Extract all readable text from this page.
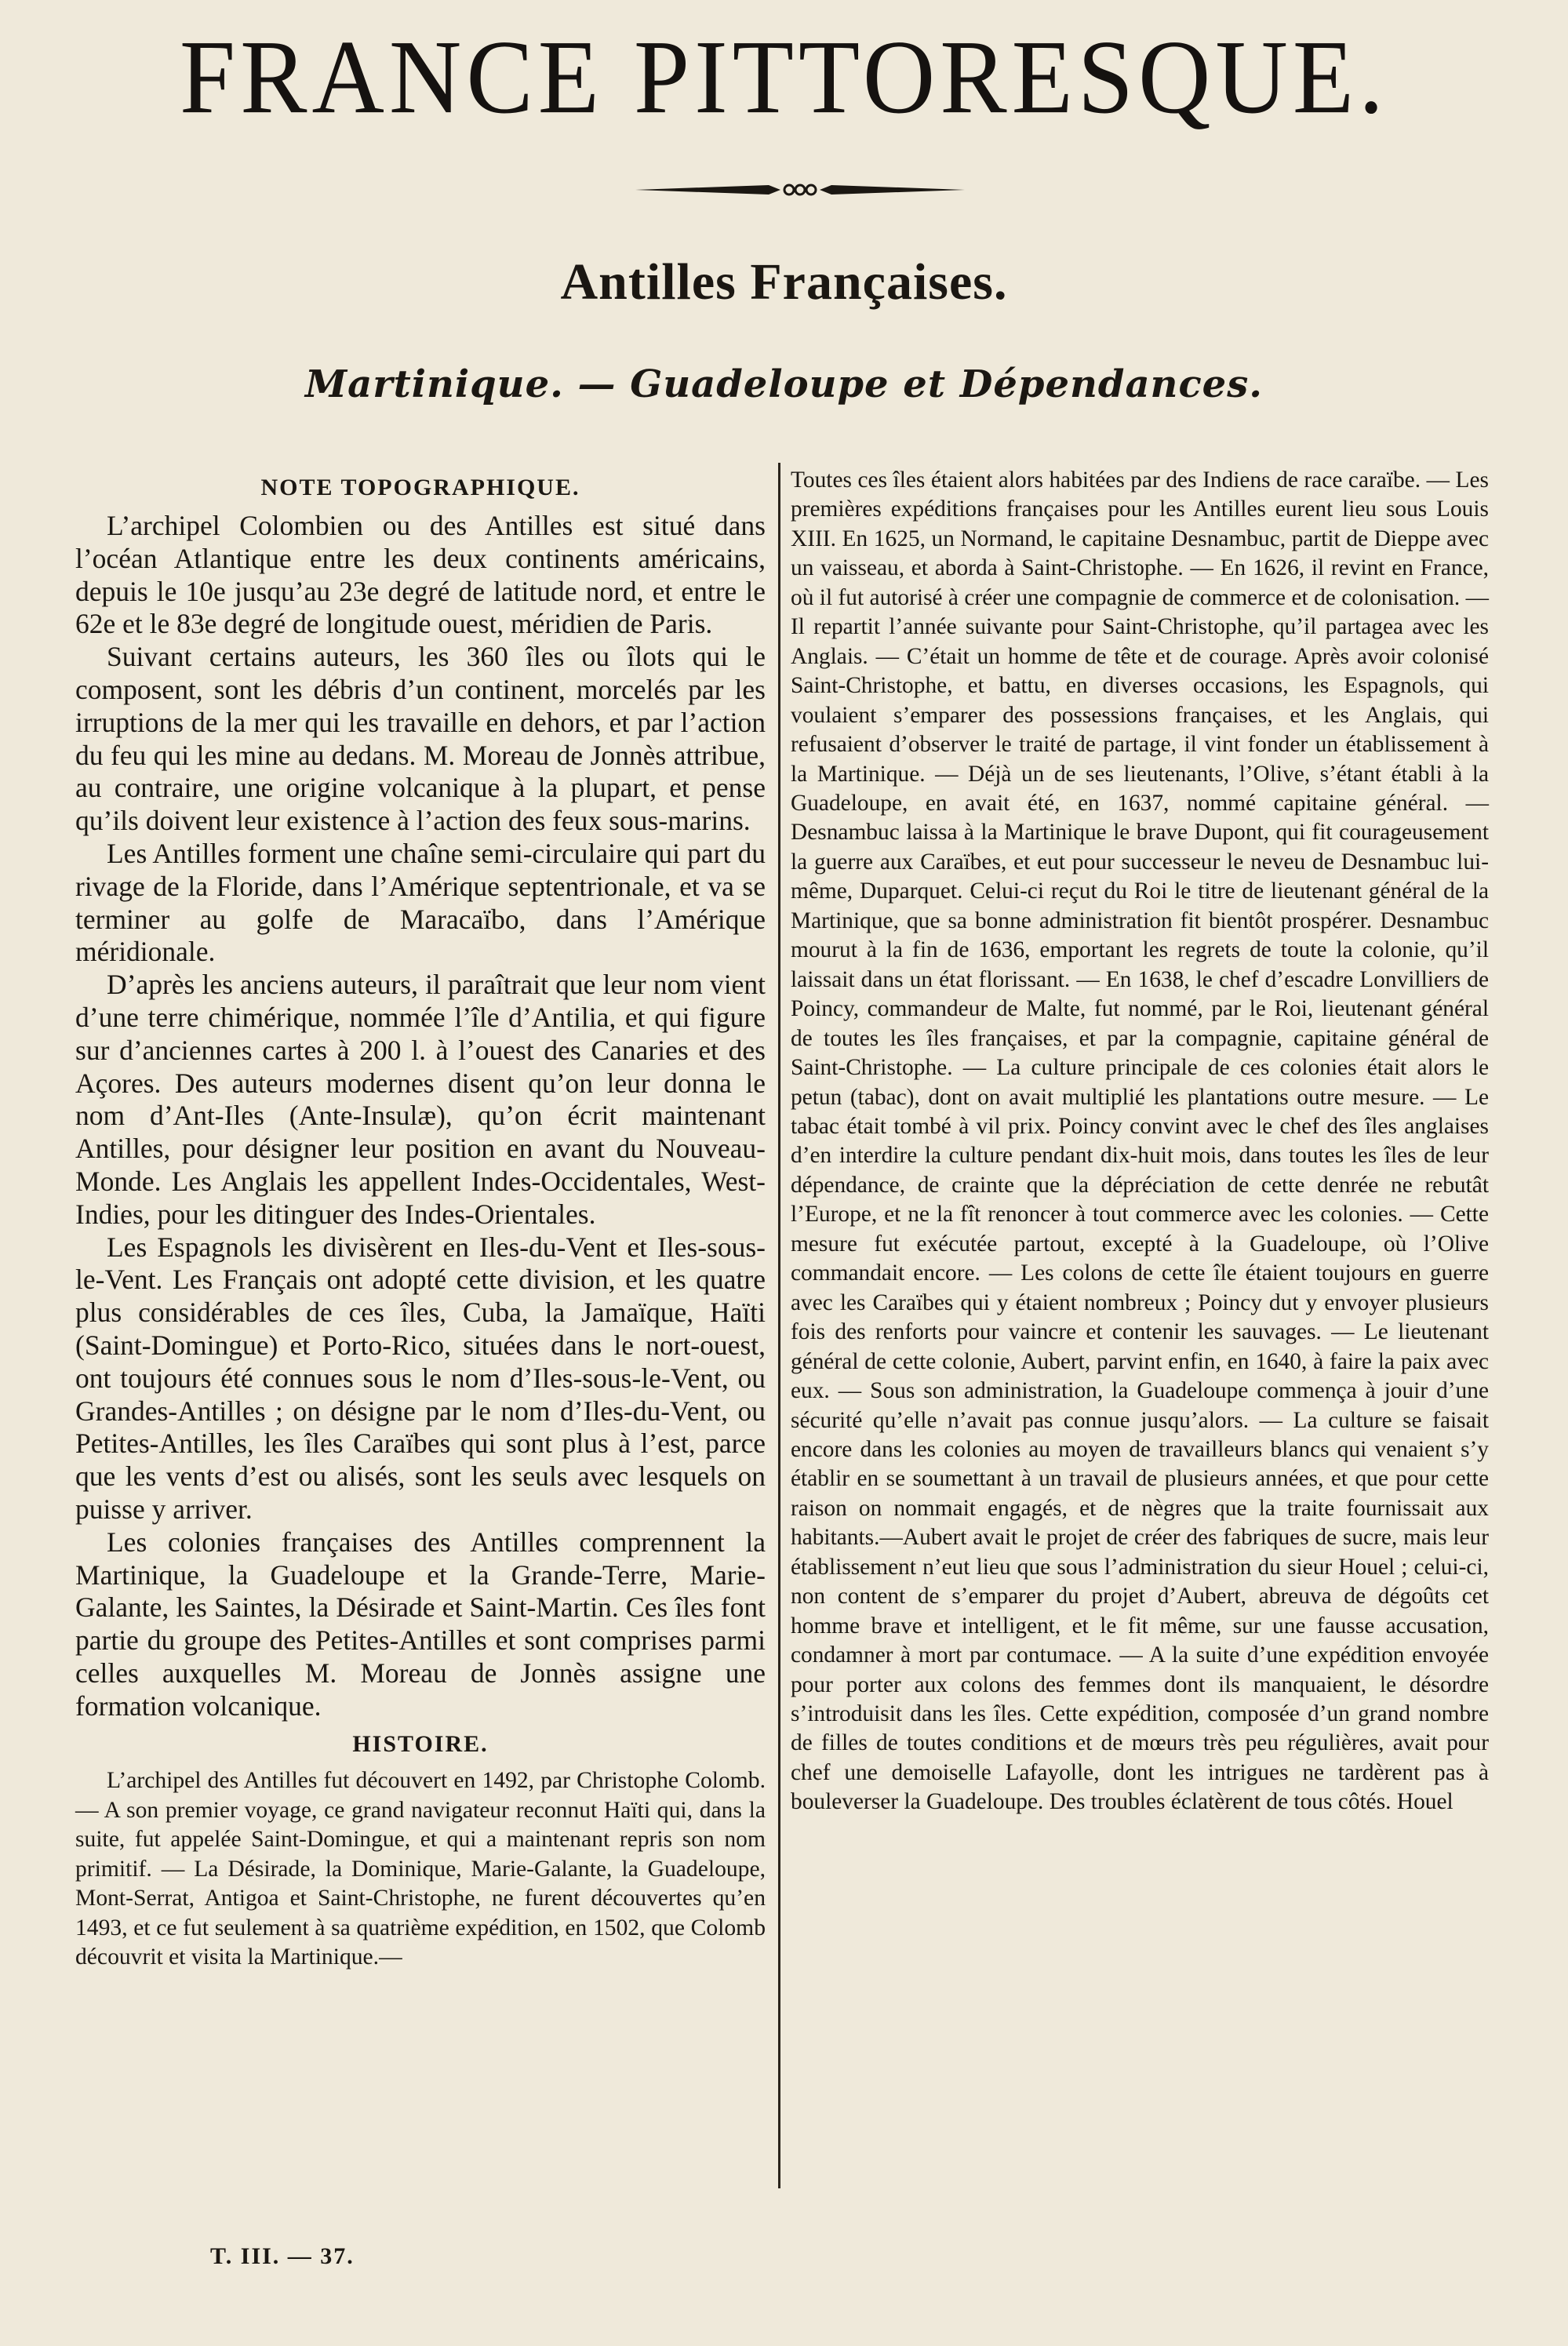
FRANCE PITTORESQUE.
Antilles Françaises.
Martinique. — Guadeloupe et Dépendances.
NOTE TOPOGRAPHIQUE.

L’archipel Colombien ou des Antilles est situé dans l’océan Atlantique entre les deux continents américains, depuis le 10e jusqu’au 23e degré de latitude nord, et entre le 62e et le 83e degré de longitude ouest, méridien de Paris.

Suivant certains auteurs, les 360 îles ou îlots qui le composent, sont les débris d’un continent, morcelés par les irruptions de la mer qui les travaille en dehors, et par l’action du feu qui les mine au dedans. M. Moreau de Jonnès attribue, au contraire, une origine volcanique à la plupart, et pense qu’ils doivent leur existence à l’action des feux sous-marins.

Les Antilles forment une chaîne semi-circulaire qui part du rivage de la Floride, dans l’Amérique septentrionale, et va se terminer au golfe de Maracaïbo, dans l’Amérique méridionale.

D’après les anciens auteurs, il paraîtrait que leur nom vient d’une terre chimérique, nommée l’île d’Antilia, et qui figure sur d’anciennes cartes à 200 l. à l’ouest des Canaries et des Açores. Des auteurs modernes disent qu’on leur donna le nom d’Ant-Iles (Ante-Insulæ), qu’on écrit maintenant Antilles, pour désigner leur position en avant du Nouveau-Monde. Les Anglais les appellent Indes-Occidentales, West-Indies, pour les ditinguer des Indes-Orientales.

Les Espagnols les divisèrent en Iles-du-Vent et Iles-sous-le-Vent. Les Français ont adopté cette division, et les quatre plus considérables de ces îles, Cuba, la Jamaïque, Haïti (Saint-Domingue) et Porto-Rico, situées dans le nort-ouest, ont toujours été connues sous le nom d’Iles-sous-le-Vent, ou Grandes-Antilles ; on désigne par le nom d’Iles-du-Vent, ou Petites-Antilles, les îles Caraïbes qui sont plus à l’est, parce que les vents d’est ou alisés, sont les seuls avec lesquels on puisse y arriver.

Les colonies françaises des Antilles comprennent la Martinique, la Guadeloupe et la Grande-Terre, Marie-Galante, les Saintes, la Désirade et Saint-Martin. Ces îles font partie du groupe des Petites-Antilles et sont comprises parmi celles auxquelles M. Moreau de Jonnès assigne une formation volcanique.

HISTOIRE.

L’archipel des Antilles fut découvert en 1492, par Christophe Colomb. — A son premier voyage, ce grand navigateur reconnut Haïti qui, dans la suite, fut appelée Saint-Domingue, et qui a maintenant repris son nom primitif. — La Désirade, la Dominique, Marie-Galante, la Guadeloupe, Mont-Serrat, Antigoa et Saint-Christophe, ne furent découvertes qu’en 1493, et ce fut seulement à sa quatrième expédition, en 1502, que Colomb découvrit et visita la Martinique.—

Toutes ces îles étaient alors habitées par des Indiens de race caraïbe. — Les premières expéditions françaises pour les Antilles eurent lieu sous Louis XIII. En 1625, un Normand, le capitaine Desnambuc, partit de Dieppe avec un vaisseau, et aborda à Saint-Christophe. — En 1626, il revint en France, où il fut autorisé à créer une compagnie de commerce et de colonisation. — Il repartit l’année suivante pour Saint-Christophe, qu’il partagea avec les Anglais. — C’était un homme de tête et de courage. Après avoir colonisé Saint-Christophe, et battu, en diverses occasions, les Espagnols, qui voulaient s’emparer des possessions françaises, et les Anglais, qui refusaient d’observer le traité de partage, il vint fonder un établissement à la Martinique. — Déjà un de ses lieutenants, l’Olive, s’étant établi à la Guadeloupe, en avait été, en 1637, nommé capitaine général. — Desnambuc laissa à la Martinique le brave Dupont, qui fit courageusement la guerre aux Caraïbes, et eut pour successeur le neveu de Desnambuc lui-même, Duparquet. Celui-ci reçut du Roi le titre de lieutenant général de la Martinique, que sa bonne administration fit bientôt prospérer. Desnambuc mourut à la fin de 1636, emportant les regrets de toute la colonie, qu’il laissait dans un état florissant. — En 1638, le chef d’escadre Lonvilliers de Poincy, commandeur de Malte, fut nommé, par le Roi, lieutenant général de toutes les îles françaises, et par la compagnie, capitaine général de Saint-Christophe. — La culture principale de ces colonies était alors le petun (tabac), dont on avait multiplié les plantations outre mesure. — Le tabac était tombé à vil prix. Poincy convint avec le chef des îles anglaises d’en interdire la culture pendant dix-huit mois, dans toutes les îles de leur dépendance, de crainte que la dépréciation de cette denrée ne rebutât l’Europe, et ne la fît renoncer à tout commerce avec les colonies. — Cette mesure fut exécutée partout, excepté à la Guadeloupe, où l’Olive commandait encore. — Les colons de cette île étaient toujours en guerre avec les Caraïbes qui y étaient nombreux ; Poincy dut y envoyer plusieurs fois des renforts pour vaincre et contenir les sauvages. — Le lieutenant général de cette colonie, Aubert, parvint enfin, en 1640, à faire la paix avec eux. — Sous son administration, la Guadeloupe commença à jouir d’une sécurité qu’elle n’avait pas connue jusqu’alors. — La culture se faisait encore dans les colonies au moyen de travailleurs blancs qui venaient s’y établir en se soumettant à un travail de plusieurs années, et que pour cette raison on nommait engagés, et de nègres que la traite fournissait aux habitants.—Aubert avait le projet de créer des fabriques de sucre, mais leur établissement n’eut lieu que sous l’administration du sieur Houel ; celui-ci, non content de s’emparer du projet d’Aubert, abreuva de dégoûts cet homme brave et intelligent, et le fit même, sur une fausse accusation, condamner à mort par contumace. — A la suite d’une expédition envoyée pour porter aux colons des femmes dont ils manquaient, le désordre s’introduisit dans les îles. Cette expédition, composée d’un grand nombre de filles de toutes conditions et de mœurs très peu régulières, avait pour chef une demoiselle Lafayolle, dont les intrigues ne tardèrent pas à bouleverser la Guadeloupe. Des troubles éclatèrent de tous côtés. Houel

T. III. — 37.
